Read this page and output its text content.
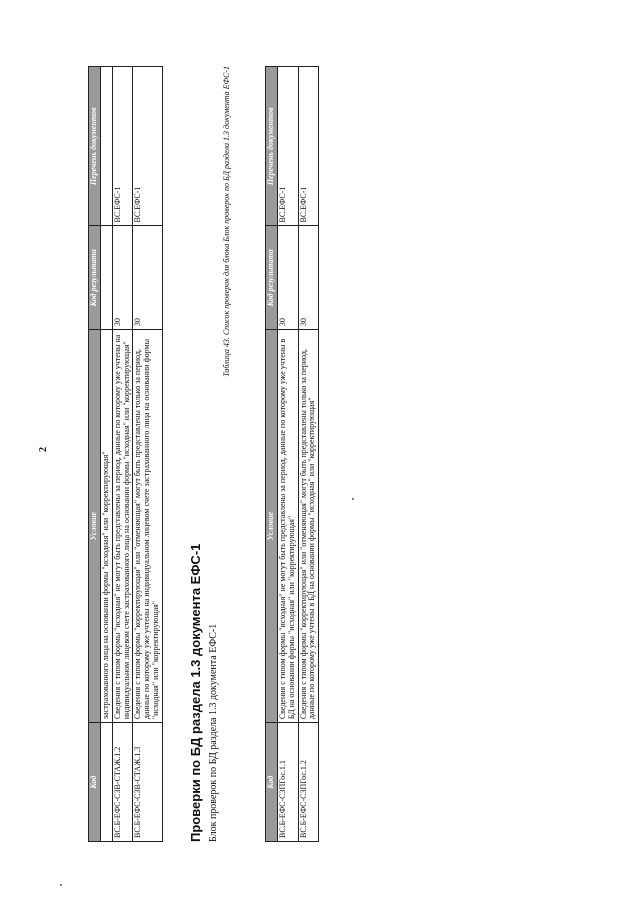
2
Код	Условие	Код результата	Перечень документов
	застрахованного лица на основании формы "исходная" или "корректирующая"		
ВС.Б-ЕФС-СЗВ-СТАЖ.1.2	Сведения с типом формы "исходная" не могут быть представлены за период, данные по которому уже учтены на индивидуальном лицевом счете застрахованного лица на основании формы "исходная" или "корректирующая"	30	ВС.ЕФС-1
ВС.Б-ЕФС-СЗВ-СТАЖ.1.3	Сведения с типом формы "корректирующая" или "отменяющая" могут быть представлены только за период, данные по которому уже учтены на индивидуальном лицевом счете застрахованного лица на основании формы "исходная" или "корректирующая"	30	ВС.ЕФС-1
Проверки по БД раздела 1.3 документа ЕФС-1 Блок проверок по БД раздела 1.3 документа ЕФС-1
Таблица 43. Список проверок для блока Блок проверок по БД раздела 1.3 документа ЕФС-1
Код	Условие	Код результата	Перечень документов
ВС.Б-ЕФС-СЗПГос.1.1	Сведения с типом формы "исходная" не могут быть представлены за период, данные по которому уже учтены в БД на основании формы "исходная" или "корректирующая"	30	ВС.ЕФС-1
ВС.Б-ЕФС-СЗПГос.1.2	Сведения с типом формы "корректирующая" или "отменяющая" могут быть представлены только за период, данные по которому уже учтены в БД на основании формы "исходная" или "корректирующая"	30	ВС.ЕФС-1
